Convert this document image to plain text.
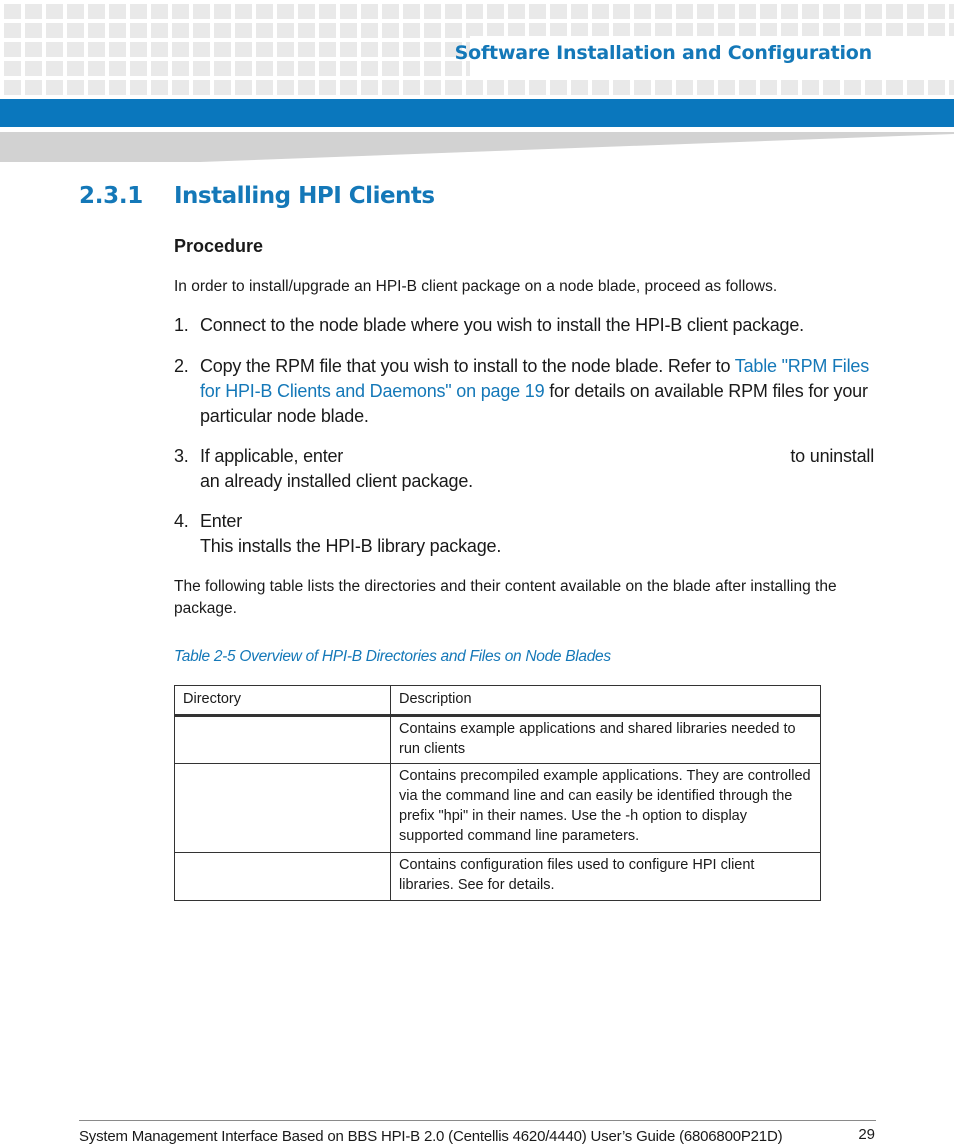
Software Installation and Configuration
2.3.1 Installing HPI Clients
Procedure
In order to install/upgrade an HPI-B client package on a node blade, proceed as follows.
1. Connect to the node blade where you wish to install the HPI-B client package.
2. Copy the RPM file that you wish to install to the node blade. Refer to Table "RPM Files for HPI-B Clients and Daemons" on page 19 for details on available RPM files for your particular node blade.
3. If applicable, enter	to uninstall

an already installed client package.
4. Enter
This installs the HPI-B library package.
The following table lists the directories and their content available on the blade after installing the package.
Table 2-5 Overview of HPI-B Directories and Files on Node Blades
Directory	Description
	Contains example applications and shared libraries needed to run clients
	Contains precompiled example applications. They are controlled via the command line and can easily be identified through the prefix "hpi" in their names. Use the -h option to display supported command line parameters.
	Contains configuration files used to configure HPI client libraries. See for details.
System Management Interface Based on BBS HPI-B 2.0 (Centellis 4620/4440) User’s Guide (6806800P21D)	29
